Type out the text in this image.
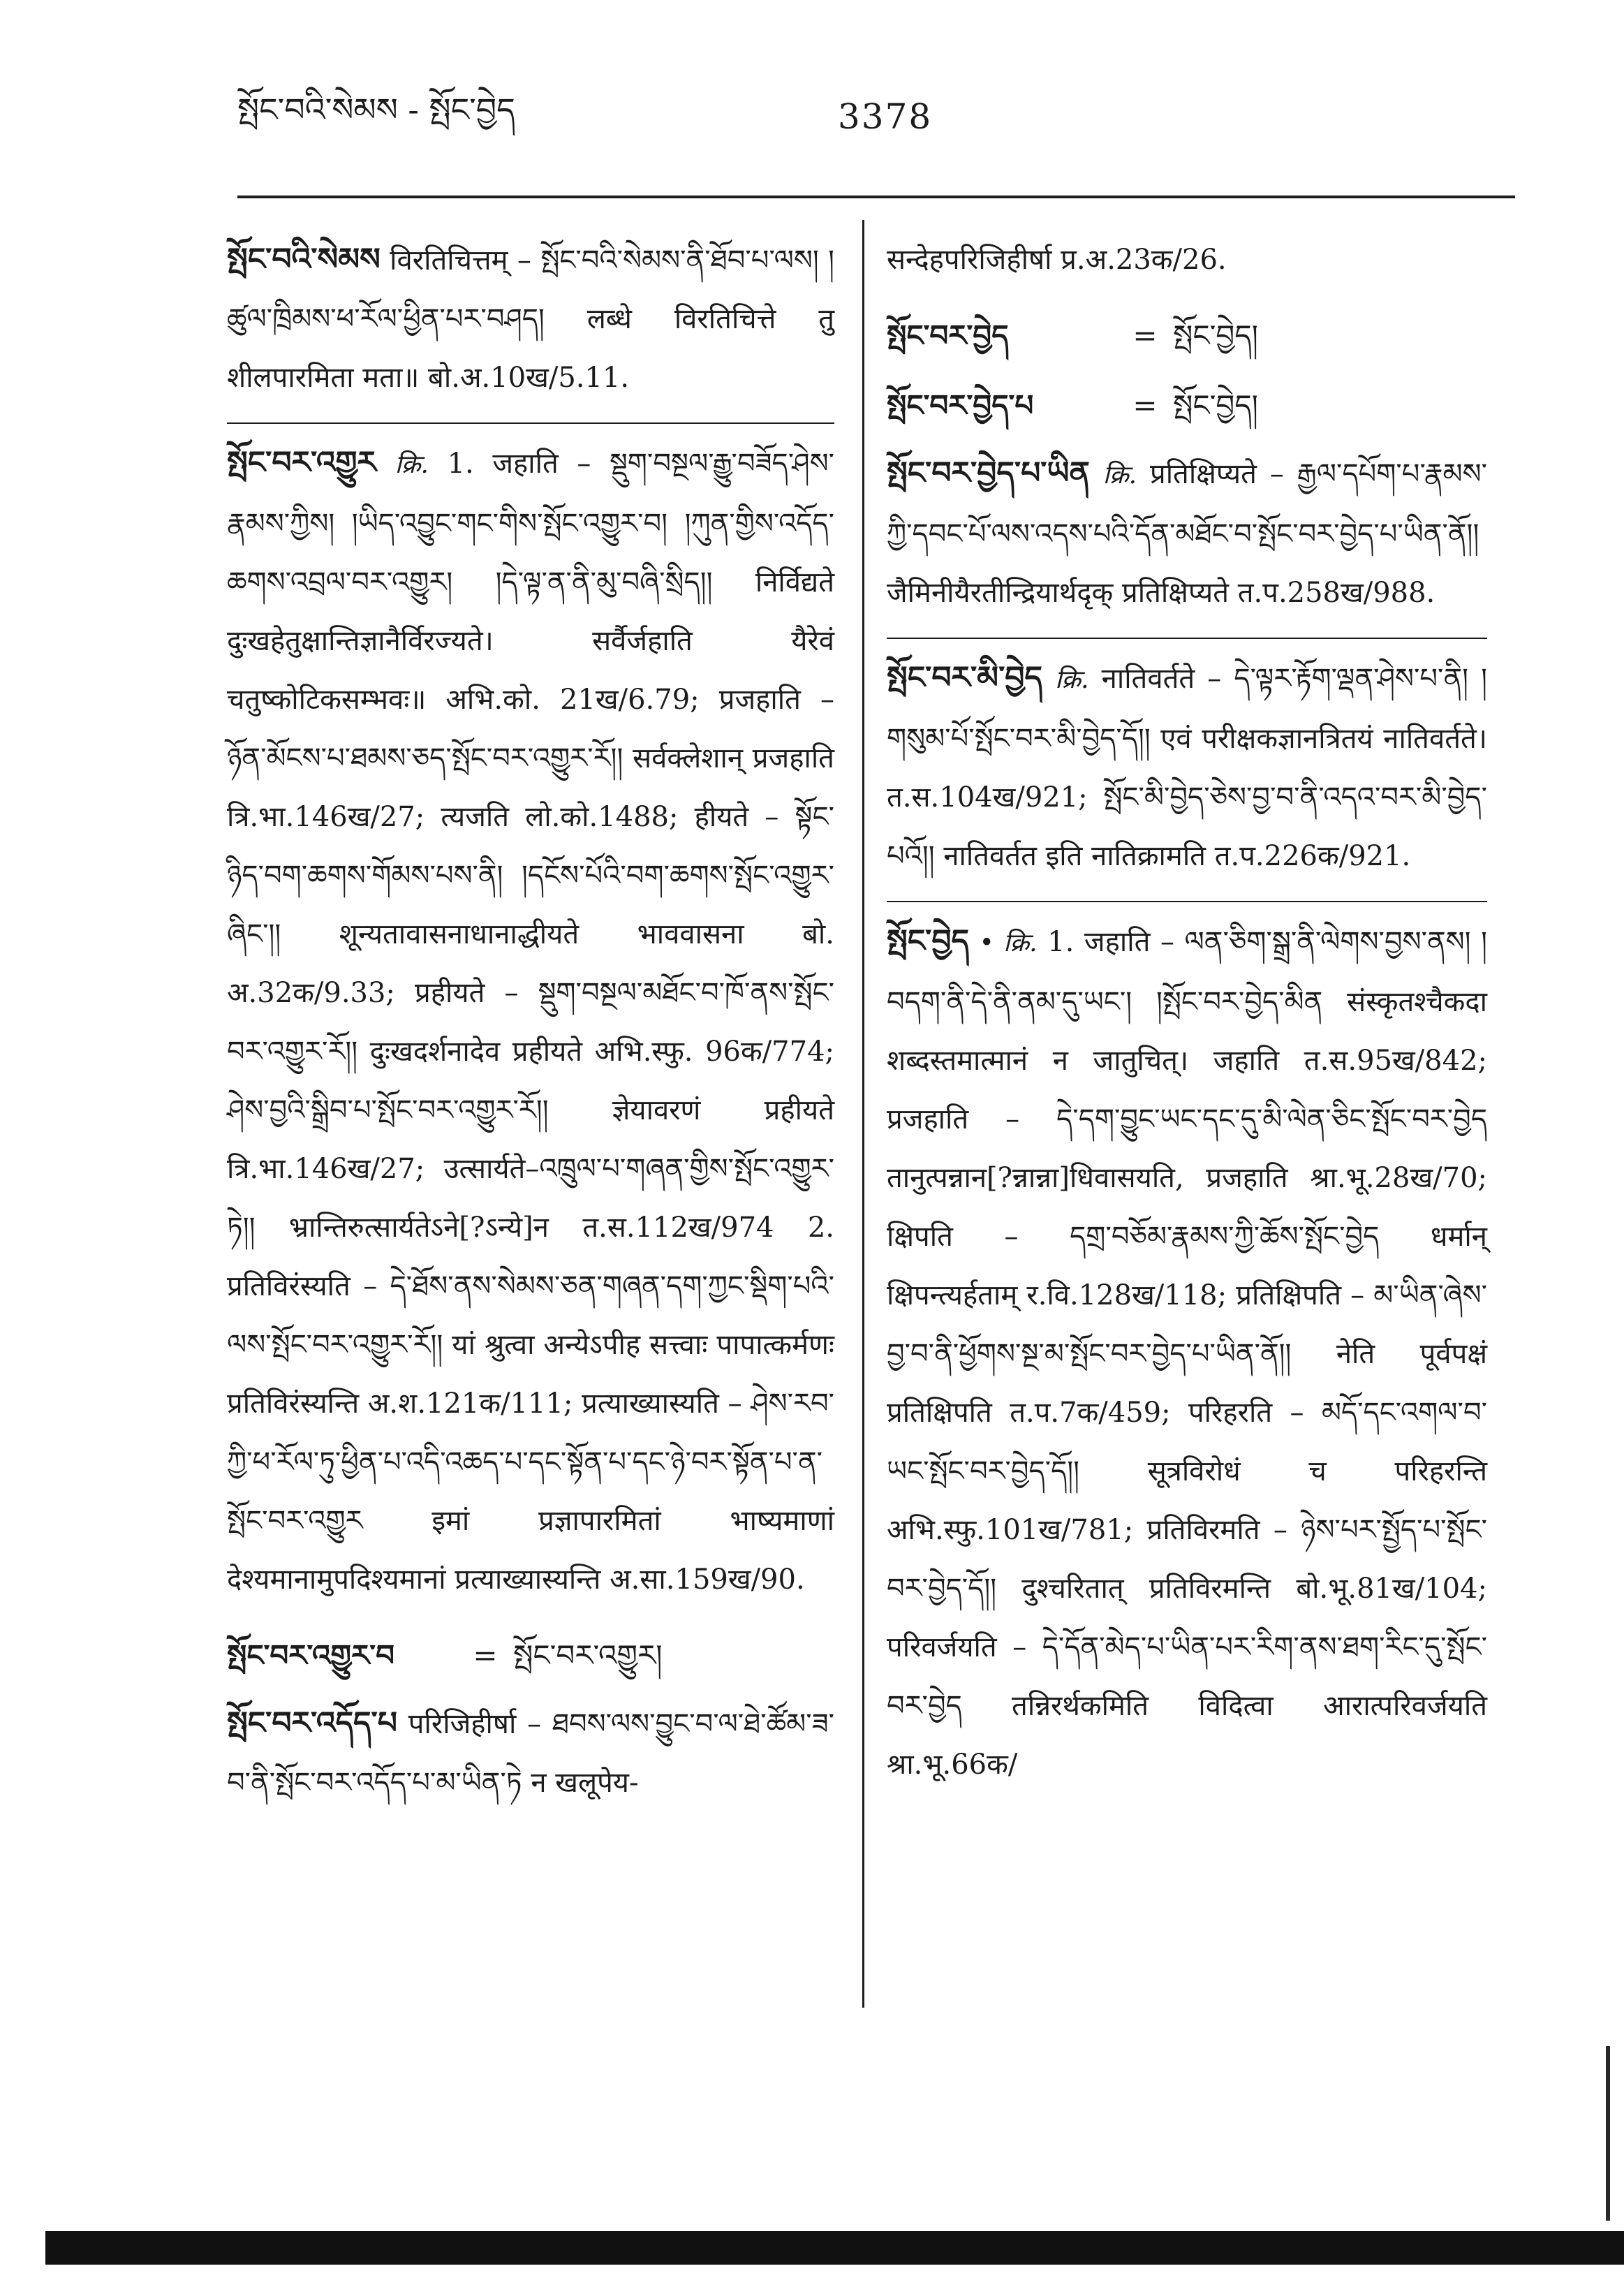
སྤོང་བའི་སེམས - སྤོང་བྱེད	3378

སྤོང་བའི་སེམས विरतिचित्तम् – སྤོང་བའི་སེམས་ནི་ཐོབ་པ་ལས། །ཚུལ་ཁྲིམས་ཕ་རོལ་ཕྱིན་པར་བཤད། लब्धे विरतिचित्ते तु शीलपारमिता मता॥ बो.अ.10ख/5.11.

སྤོང་བར་འགྱུར क्रि. 1. जहाति – སྡུག་བསྔལ་རྒྱུ་བཟོད་ཤེས་རྣམས་ཀྱིས། །ཡིད་འབྱུང་གང་གིས་སྤོང་འགྱུར་བ། །ཀུན་གྱིས་འདོད་ཆགས་འབྲལ་བར་འགྱུར། །དེ་ལྟ་ན་ནི་མུ་བཞི་སྲིད།། निर्विद्यते दुःखहेतुक्षान्तिज्ञानैर्विरज्यते। सर्वैर्जहाति यैरेवं चतुष्कोटिकसम्भवः॥ अभि.को. 21ख/6.79; प्रजहाति – ཉོན་མོངས་པ་ཐམས་ཅད་སྤོང་བར་འགྱུར་རོ།། सर्वक्लेशान् प्रजहाति त्रि.भा.146ख/27; त्यजति लो.को.1488; हीयते – སྟོང་ཉིད་བག་ཆགས་གོམས་པས་ནི། །དངོས་པོའི་བག་ཆགས་སྤོང་འགྱུར་ཞིང་།། शून्यतावासनाधानाद्धीयते भाववासना बो. अ.32क/9.33; प्रहीयते – སྡུག་བསྔལ་མཐོང་བ་ཁོ་ནས་སྤོང་བར་འགྱུར་རོ།། दुःखदर्शनादेव प्रहीयते अभि.स्फु. 96क/774; ཤེས་བྱའི་སྒྲིབ་པ་སྤོང་བར་འགྱུར་རོ།། ज्ञेयावरणं प्रहीयते त्रि.भा.146ख/27; उत्सार्यते–འཁྲུལ་པ་གཞན་གྱིས་སྤོང་འགྱུར་ཏེ།། भ्रान्तिरुत्सार्यतेऽने[?ऽन्ये]न त.स.112ख/974 2. प्रतिविरंस्यति – དེ་ཐོས་ནས་སེམས་ཅན་གཞན་དག་ཀྱང་སྡིག་པའི་ལས་སྤོང་བར་འགྱུར་རོ།། यां श्रुत्वा अन्येऽपीह सत्त्वाः पापात्कर्मणः प्रतिविरंस्यन्ति अ.श.121क/111; प्रत्याख्यास्यति – ཤེས་རབ་ཀྱི་ཕ་རོལ་ཏུ་ཕྱིན་པ་འདི་འཆད་པ་དང་སྟོན་པ་དང་ཉེ་བར་སྟོན་པ་ན་སྤོང་བར་འགྱུར इमां प्रज्ञापारमितां भाष्यमाणां देश्यमानामुपदिश्यमानां प्रत्याख्यास्यन्ति अ.सा.159ख/90.

སྤོང་བར་འགྱུར་བ	= སྤོང་བར་འགྱུར།

སྤོང་བར་འདོད་པ परिजिहीर्षा – ཐབས་ལས་བྱུང་བ་ལ་ཐེ་ཚོམ་ཟ་བ་ནི་སྤོང་བར་འདོད་པ་མ་ཡིན་ཏེ न खलूपेय-

सन्देहपरिजिहीर्षा प्र.अ.23क/26.

སྤོང་བར་བྱེད	= སྤོང་བྱེད།
སྤོང་བར་བྱེད་པ	= སྤོང་བྱེད།

སྤོང་བར་བྱེད་པ་ཡིན क्रि. प्रतिक्षिप्यते – རྒྱལ་དཔོག་པ་རྣམས་ཀྱི་དབང་པོ་ལས་འདས་པའི་དོན་མཐོང་བ་སྤོང་བར་བྱེད་པ་ཡིན་ནོ།། जैमिनीयैरतीन्द्रियार्थदृक् प्रतिक्षिप्यते त.प.258ख/988.

སྤོང་བར་མི་བྱེད क्रि. नातिवर्तते – དེ་ལྟར་རྟོག་ལྡན་ཤེས་པ་ནི། །གསུམ་པོ་སྤོང་བར་མི་བྱེད་དོ།། एवं परीक्षकज्ञानत्रितयं नातिवर्तते। त.स.104ख/921; སྤོང་མི་བྱེད་ཅེས་བྱ་བ་ནི་འདའ་བར་མི་བྱེད་པའོ།། नातिवर्तत इति नातिक्रामति त.प.226क/921.

སྤོང་བྱེད • क्रि. 1. जहाति – ལན་ཅིག་སྒྲ་ནི་ལེགས་བྱས་ནས། །བདག་ནི་དེ་ནི་ནམ་དུ་ཡང་། །སྤོང་བར་བྱེད་མིན संस्कृतश्चैकदा शब्दस्तमात्मानं न जातुचित्। जहाति त.स.95ख/842; प्रजहाति – དེ་དག་བྱུང་ཡང་དང་དུ་མི་ལེན་ཅིང་སྤོང་བར་བྱེད तानुत्पन्नान[?न्नान्ना]धिवासयति, प्रजहाति श्रा.भू.28ख/70; क्षिपति – དགྲ་བཅོམ་རྣམས་ཀྱི་ཆོས་སྤོང་བྱེད धर्मान् क्षिपन्त्यर्हताम् र.वि.128ख/118; प्रतिक्षिपति – མ་ཡིན་ཞེས་བྱ་བ་ནི་ཕྱོགས་སྔ་མ་སྤོང་བར་བྱེད་པ་ཡིན་ནོ།། नेति पूर्वपक्षं प्रतिक्षिपति त.प.7क/459; परिहरति – མདོ་དང་འགལ་བ་ཡང་སྤོང་བར་བྱེད་དོ།། सूत्रविरोधं च परिहरन्ति अभि.स्फु.101ख/781; प्रतिविरमति – ཉེས་པར་སྤྱོད་པ་སྤོང་བར་བྱེད་དོ།། दुश्चरितात् प्रतिविरमन्ति बो.भू.81ख/104; परिवर्जयति – དེ་དོན་མེད་པ་ཡིན་པར་རིག་ནས་ཐག་རིང་དུ་སྤོང་བར་བྱེད तन्निरर्थकमिति विदित्वा आरात्परिवर्जयति श्रा.भू.66क/
